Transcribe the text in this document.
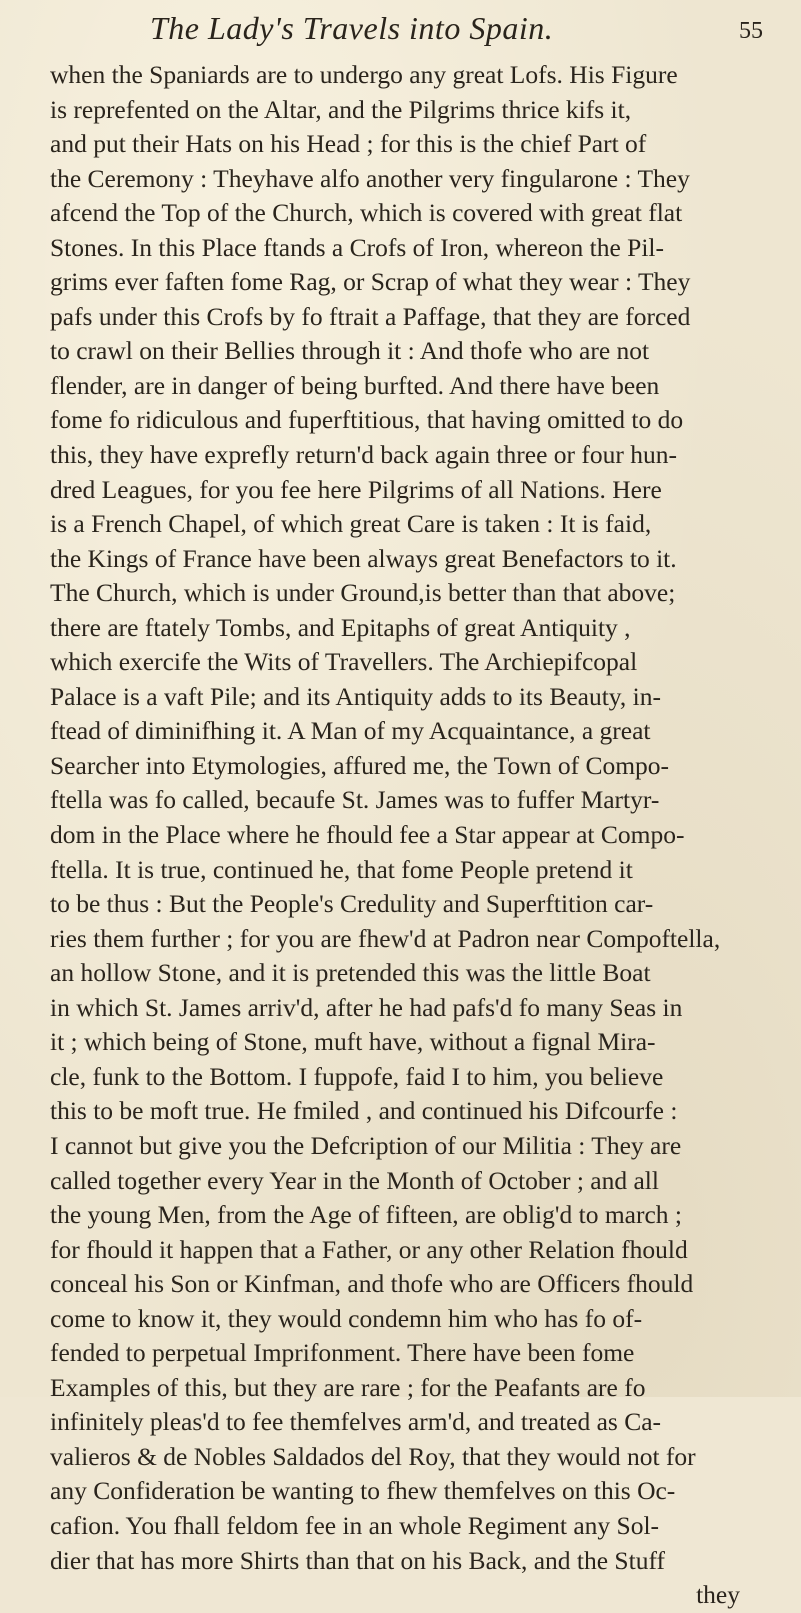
The Lady's Travels into Spain.	55
when the Spaniards are to undergo any great Lofs. His Figure
is reprefented on the Altar, and the Pilgrims thrice kifs it,
and put their Hats on his Head ; for this is the chief Part of
the Ceremony : Theyhave alfo another very fingularone : They
afcend the Top of the Church, which is covered with great flat
Stones. In this Place ftands a Crofs of Iron, whereon the Pil-
grims ever faften fome Rag, or Scrap of what they wear : They
pafs under this Crofs by fo ftrait a Paffage, that they are forced
to crawl on their Bellies through it : And thofe who are not
flender, are in danger of being burfted. And there have been
fome fo ridiculous and fuperftitious, that having omitted to do
this, they have exprefly return'd back again three or four hun-
dred Leagues, for you fee here Pilgrims of all Nations. Here
is a French Chapel, of which great Care is taken : It is faid,
the Kings of France have been always great Benefactors to it.
The Church, which is under Ground,is better than that above;
there are ftately Tombs, and Epitaphs of great Antiquity ,
which exercife the Wits of Travellers. The Archiepifcopal
Palace is a vaft Pile; and its Antiquity adds to its Beauty, in-
ftead of diminifhing it. A Man of my Acquaintance, a great
Searcher into Etymologies, affured me, the Town of Compo-
ftella was fo called, becaufe St. James was to fuffer Martyr-
dom in the Place where he fhould fee a Star appear at Compo-
ftella. It is true, continued he, that fome People pretend it
to be thus : But the People's Credulity and Superftition car-
ries them further ; for you are fhew'd at Padron near Compoftella,
an hollow Stone, and it is pretended this was the little Boat
in which St. James arriv'd, after he had pafs'd fo many Seas in
it ; which being of Stone, muft have, without a fignal Mira-
cle, funk to the Bottom. I fuppofe, faid I to him, you believe
this to be moft true. He fmiled , and continued his Difcourfe :
I cannot but give you the Defcription of our Militia : They are
called together every Year in the Month of October ; and all
the young Men, from the Age of fifteen, are oblig'd to march ;
for fhould it happen that a Father, or any other Relation fhould
conceal his Son or Kinfman, and thofe who are Officers fhould
come to know it, they would condemn him who has fo of-
fended to perpetual Imprifonment. There have been fome
Examples of this, but they are rare ; for the Peafants are fo
infinitely pleas'd to fee themfelves arm'd, and treated as Ca-
valieros & de Nobles Saldados del Roy, that they would not for
any Confideration be wanting to fhew themfelves on this Oc-
cafion. You fhall feldom fee in an whole Regiment any Sol-
dier that has more Shirts than that on his Back, and the Stuff
they
